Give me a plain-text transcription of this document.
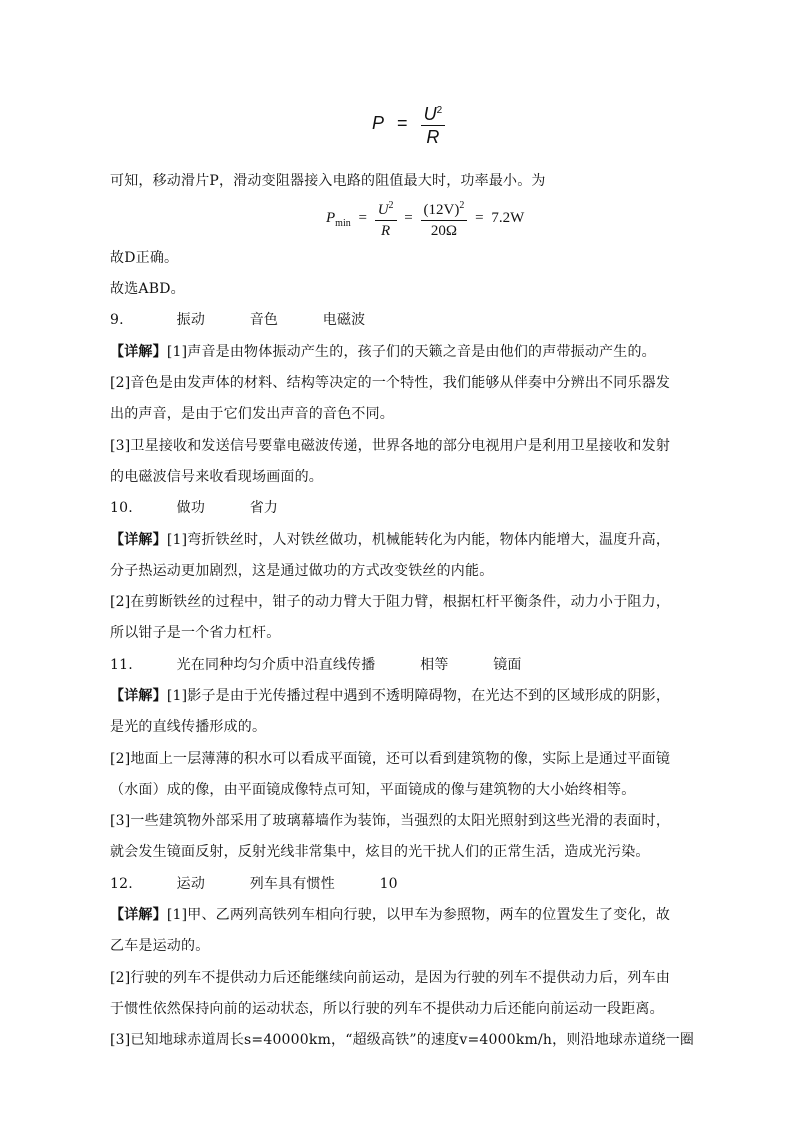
$P = \frac{U^2}{R}$
可知，移动滑片P，滑动变阻器接入电路的阻值最大时，功率最小。为
$P_{min} = \frac{U^2}{R} = \frac{(12V)^2}{20\Omega} = 7.2W$
故D正确。
故选ABD。
9.	振动	音色	电磁波
【详解】[1]声音是由物体振动产生的，孩子们的天籁之音是由他们的声带振动产生的。
[2]音色是由发声体的材料、结构等决定的一个特性，我们能够从伴奏中分辨出不同乐器发
出的声音，是由于它们发出声音的音色不同。
[3]卫星接收和发送信号要靠电磁波传递，世界各地的部分电视用户是利用卫星接收和发射
的电磁波信号来收看现场画面的。
10.	做功	省力
【详解】[1]弯折铁丝时，人对铁丝做功，机械能转化为内能，物体内能增大，温度升高，
分子热运动更加剧烈，这是通过做功的方式改变铁丝的内能。
[2]在剪断铁丝的过程中，钳子的动力臂大于阻力臂，根据杠杆平衡条件，动力小于阻力，
所以钳子是一个省力杠杆。
11.	光在同种均匀介质中沿直线传播	相等	镜面
【详解】[1]影子是由于光传播过程中遇到不透明障碍物，在光达不到的区域形成的阴影，
是光的直线传播形成的。
[2]地面上一层薄薄的积水可以看成平面镜，还可以看到建筑物的像，实际上是通过平面镜
（水面）成的像，由平面镜成像特点可知，平面镜成的像与建筑物的大小始终相等。
[3]一些建筑物外部采用了玻璃幕墙作为装饰，当强烈的太阳光照射到这些光滑的表面时，
就会发生镜面反射，反射光线非常集中，炫目的光干扰人们的正常生活，造成光污染。
12.	运动	列车具有惯性	10
【详解】[1]甲、乙两列高铁列车相向行驶，以甲车为参照物，两车的位置发生了变化，故
乙车是运动的。
[2]行驶的列车不提供动力后还能继续向前运动，是因为行驶的列车不提供动力后，列车由
于惯性依然保持向前的运动状态，所以行驶的列车不提供动力后还能向前运动一段距离。
[3]已知地球赤道周长s=40000km，“超级高铁”的速度v=4000km/h，则沿地球赤道绕一圈
